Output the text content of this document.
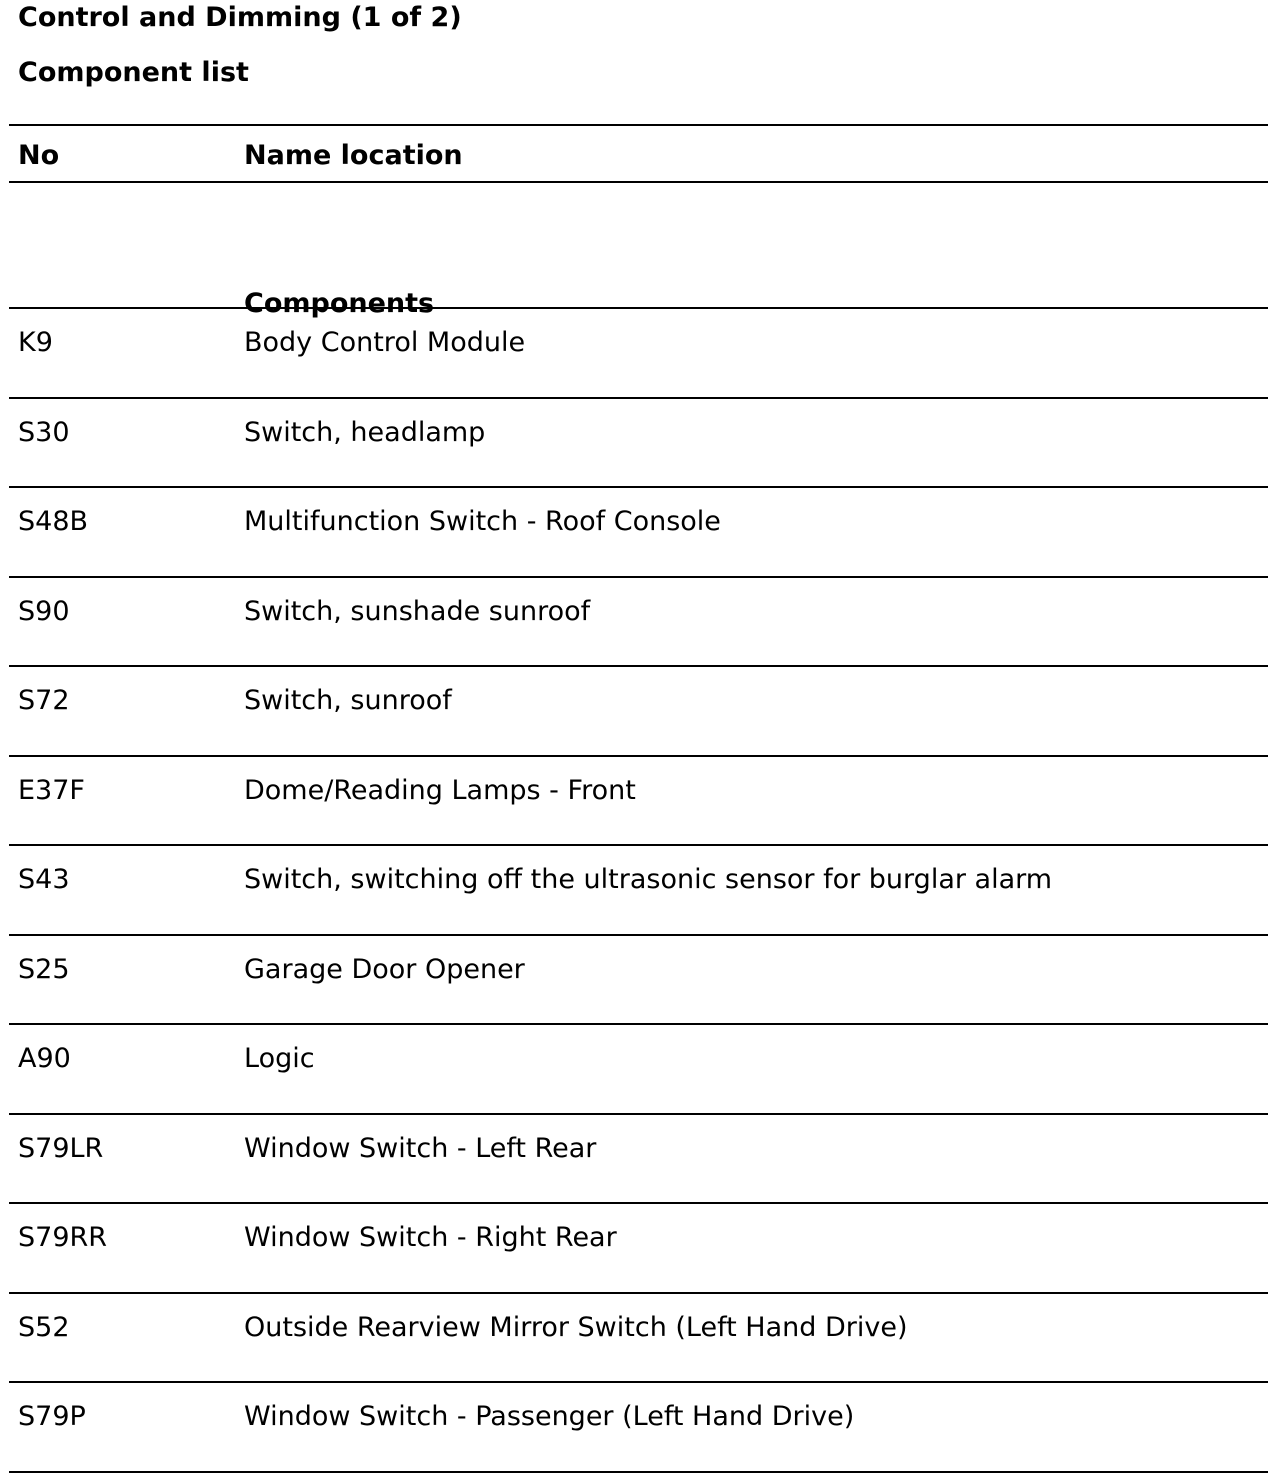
Control and Dimming (1 of 2)
Component list
No	Name location
Components
K9	Body Control Module
S30	Switch, headlamp
S48B	Multifunction Switch - Roof Console
S90	Switch, sunshade sunroof
S72	Switch, sunroof
E37F	Dome/Reading Lamps - Front
S43	Switch, switching off the ultrasonic sensor for burglar alarm
S25	Garage Door Opener
A90	Logic
S79LR	Window Switch - Left Rear
S79RR	Window Switch - Right Rear
S52	Outside Rearview Mirror Switch (Left Hand Drive)
S79P	Window Switch - Passenger (Left Hand Drive)
